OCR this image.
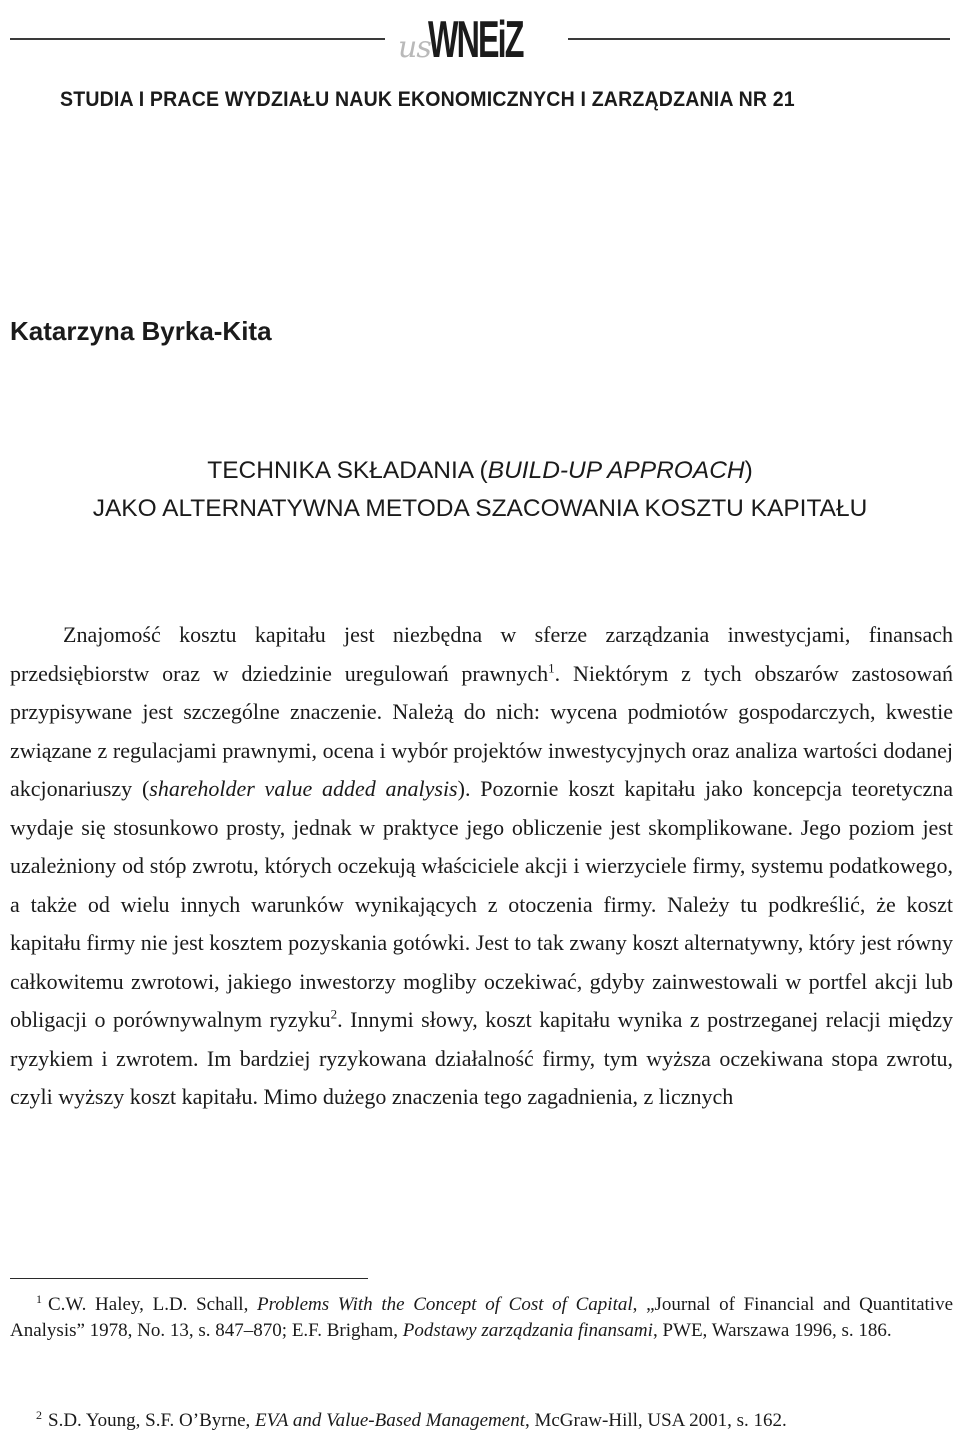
us
WNEiZ
STUDIA I PRACE WYDZIAŁU NAUK EKONOMICZNYCH I ZARZĄDZANIA NR 21
Katarzyna Byrka-Kita
TECHNIKA SKŁADANIA (BUILD-UP APPROACH)
JAKO ALTERNATYWNA METODA SZACOWANIA KOSZTU KAPITAŁU

Znajomość kosztu kapitału jest niezbędna w sferze zarządzania inwestycjami, finansach przedsiębiorstw oraz w dziedzinie uregulowań prawnych$^1$. Niektórym z tych obszarów zastosowań przypisywane jest szczególne znaczenie. Należą do nich: wycena podmiotów gospodarczych, kwestie związane z regulacjami prawnymi, ocena i wybór projektów inwestycyjnych oraz analiza wartości dodanej akcjonariuszy (shareholder value added analysis). Pozornie koszt kapitału jako koncepcja teoretyczna wydaje się stosunkowo prosty, jednak w praktyce jego obliczenie jest skomplikowane. Jego poziom jest uzależniony od stóp zwrotu, których oczekują właściciele akcji i wierzyciele firmy, systemu podatkowego, a także od wielu innych warunków wynikających z otoczenia firmy. Należy tu podkreślić, że koszt kapitału firmy nie jest kosztem pozyskania gotówki. Jest to tak zwany koszt alternatywny, który jest równy całkowitemu zwrotowi, jakiego inwestorzy mogliby oczekiwać, gdyby zainwestowali w portfel akcji lub obligacji o porównywalnym ryzyku$^2$. Innymi słowy, koszt kapitału wynika z postrzeganej relacji między ryzykiem i zwrotem. Im bardziej ryzykowana działalność firmy, tym wyższa oczekiwana stopa zwrotu, czyli wyższy koszt kapitału. Mimo dużego znaczenia tego zagadnienia, z licznych

$^1$ C.W. Haley, L.D. Schall, Problems With the Concept of Cost of Capital, „Journal of Financial and Quantitative Analysis” 1978, No. 13, s. 847–870; E.F. Brigham, Podstawy zarządzania finansami, PWE, Warszawa 1996, s. 186.
$^2$ S.D. Young, S.F. O’Byrne, EVA and Value-Based Management, McGraw-Hill, USA 2001, s. 162.
